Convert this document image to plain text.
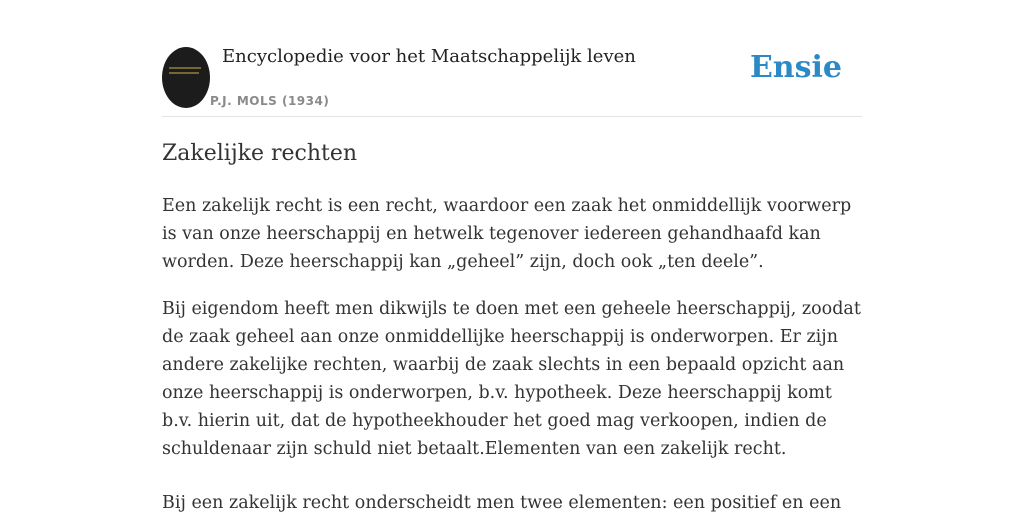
Encyclopedie voor het Maatschappelijk leven
P.J. MOLS (1934)
Ensie
Zakelijke rechten

Een zakelijk recht is een recht, waardoor een zaak het onmiddellijk voorwerp is van onze heerschappij en hetwelk tegenover iedereen gehandhaafd kan worden. Deze heerschappij kan „geheel” zijn, doch ook „ten deele”.

Bij eigendom heeft men dikwijls te doen met een geheele heerschappij, zoodat de zaak geheel aan onze onmiddellijke heerschappij is onderworpen. Er zijn andere zakelijke rechten, waarbij de zaak slechts in een bepaald opzicht aan onze heerschappij is onderworpen, b.v. hypotheek. Deze heerschappij komt b.v. hierin uit, dat de hypotheekhouder het goed mag verkoopen, indien de schuldenaar zijn schuld niet betaalt.Elementen van een zakelijk recht.

Bij een zakelijk recht onderscheidt men twee elementen: een positief en een
